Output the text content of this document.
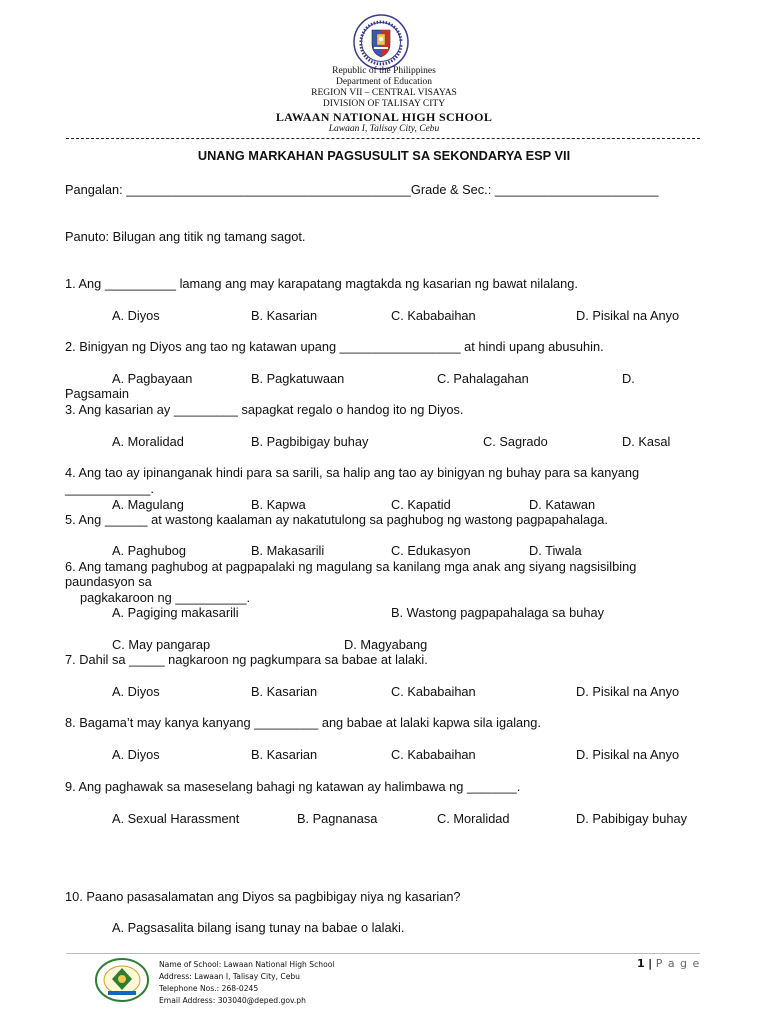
Republic of the Philippines
Department of Education
REGION VII – CENTRAL VISAYAS
DIVISION OF TALISAY CITY
LAWAAN NATIONAL HIGH SCHOOL
Lawaan I, Talisay City, Cebu
UNANG MARKAHAN PAGSUSULIT SA SEKONDARYA ESP VII
Pangalan: ________________________________________Grade & Sec.: _______________________
Panuto: Bilugan ang titik ng tamang sagot.
1. Ang __________ lamang ang may karapatang magtakda ng kasarian ng bawat nilalang.
A. Diyos	B. Kasarian	C. Kababaihan	D. Pisikal na Anyo
2. Binigyan ng Diyos ang tao ng katawan upang _________________ at hindi upang abusuhin.
A. Pagbayaan	B. Pagkatuwaan	C. Pahalagahan	D.
Pagsamain
3. Ang kasarian ay _________ sapagkat regalo o handog ito ng Diyos.
A. Moralidad	B. Pagbibigay buhay	C. Sagrado	D. Kasal
4. Ang tao ay ipinanganak hindi para sa sarili, sa halip ang tao ay binigyan ng buhay para sa kanyang
____________.
A. Magulang	B. Kapwa	C. Kapatid	D. Katawan
5. Ang ______ at wastong kaalaman ay nakatutulong sa paghubog ng wastong pagpapahalaga.
A. Paghubog	B. Makasarili	C. Edukasyon	D. Tiwala
6. Ang tamang paghubog at pagpapalaki ng magulang sa kanilang mga anak ang siyang nagsisilbing
paundasyon sa
pagkakaroon ng __________.
A. Pagiging makasarili	B. Wastong pagpapahalaga sa buhay
C. May pangarap	D. Magyabang
7. Dahil sa _____ nagkaroon ng pagkumpara sa babae at lalaki.
A. Diyos	B. Kasarian	C. Kababaihan	D. Pisikal na Anyo
8. Bagama’t may kanya kanyang _________ ang babae at lalaki kapwa sila igalang.
A. Diyos	B. Kasarian	C. Kababaihan	D. Pisikal na Anyo
9. Ang paghawak sa maseselang bahagi ng katawan ay halimbawa ng _______.
A. Sexual Harassment	B. Pagnanasa	C. Moralidad	D. Pabibigay buhay
10. Paano pasasalamatan ang Diyos sa pagbibigay niya ng kasarian?
A. Pagsasalita bilang isang tunay na babae o lalaki.
Name of School: Lawaan National High School
Address: Lawaan I, Talisay City, Cebu
Telephone Nos.: 268-0245
Email Address: 303040@deped.gov.ph
1 | P a g e
